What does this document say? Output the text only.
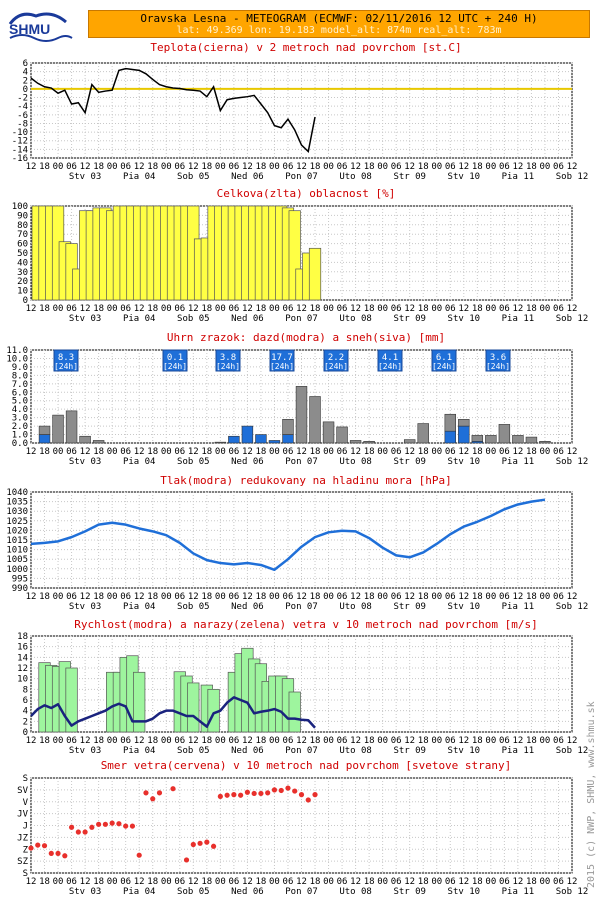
SHMU
Oravska Lesna - METEOGRAM (ECMWF: 02/11/2016 12 UTC + 240 H)
lat: 49.369 lon: 19.183 model_alt: 874m real_alt: 783m
Teplota(cierna) v 2 metroch nad povrchom [st.C]
12 18 00 06 12 18 00 06 12 18 00 06 12 18 00 06 12 18 00 06 12 18 00 06 12 18 00 06 12 18 00 06 12 18 00 06 12 18 00 06 12
Stv 03 Pia 04 Sob 05 Ned 06 Pon 07 Uto 08 Str 09 Stv 10 Pia 11 Sob 12
6
4
2
0
-2
-4
-6
-8
-10
-12
-14
-16
Celkova(zlta) oblacnost [%]
12 18 00 06 12 18 00 06 12 18 00 06 12 18 00 06 12 18 00 06 12 18 00 06 12 18 00 06 12 18 00 06 12 18 00 06 12 18 00 06 12
Stv 03 Pia 04 Sob 05 Ned 06 Pon 07 Uto 08 Str 09 Stv 10 Pia 11 Sob 12
100
90
80
70
60
50
40
30
20
10
0
Uhrn zrazok: dazd(modra) a sneh(siva) [mm]
12 18 00 06 12 18 00 06 12 18 00 06 12 18 00 06 12 18 00 06 12 18 00 06 12 18 00 06 12 18 00 06 12 18 00 06 12 18 00 06 12
Stv 03 Pia 04 Sob 05 Ned 06 Pon 07 Uto 08 Str 09 Stv 10 Pia 11 Sob 12
11.0
10.0
9.0
8.0
7.0
6.0
5.0
4.0
3.0
2.0
1.0
0.0
8.3
[24h]
0.1
[24h]
3.8
[24h]
17.7
[24h]
2.2
[24h]
4.1
[24h]
6.1
[24h]
3.6
[24h]
Tlak(modra) redukovany na hladinu mora [hPa]
12 18 00 06 12 18 00 06 12 18 00 06 12 18 00 06 12 18 00 06 12 18 00 06 12 18 00 06 12 18 00 06 12 18 00 06 12 18 00 06 12
Stv 03 Pia 04 Sob 05 Ned 06 Pon 07 Uto 08 Str 09 Stv 10 Pia 11 Sob 12
1040
1035
1030
1025
1020
1015
1010
1005
1000
995
990
Rychlost(modra) a narazy(zelena) vetra v 10 metroch nad povrchom [m/s]
12 18 00 06 12 18 00 06 12 18 00 06 12 18 00 06 12 18 00 06 12 18 00 06 12 18 00 06 12 18 00 06 12 18 00 06 12 18 00 06 12
Stv 03 Pia 04 Sob 05 Ned 06 Pon 07 Uto 08 Str 09 Stv 10 Pia 11 Sob 12
18
16
14
12
10
8
6
4
2
0
Smer vetra(cervena) v 10 metroch nad povrchom [svetove strany]
12 18 00 06 12 18 00 06 12 18 00 06 12 18 00 06 12 18 00 06 12 18 00 06 12 18 00 06 12 18 00 06 12 18 00 06 12 18 00 06 12
Stv 03 Pia 04 Sob 05 Ned 06 Pon 07 Uto 08 Str 09 Stv 10 Pia 11 Sob 12
S
SV
V
JV
J
JZ
Z
SZ
S	2015 (c) NWP, SHMU, www.shmu.sk
